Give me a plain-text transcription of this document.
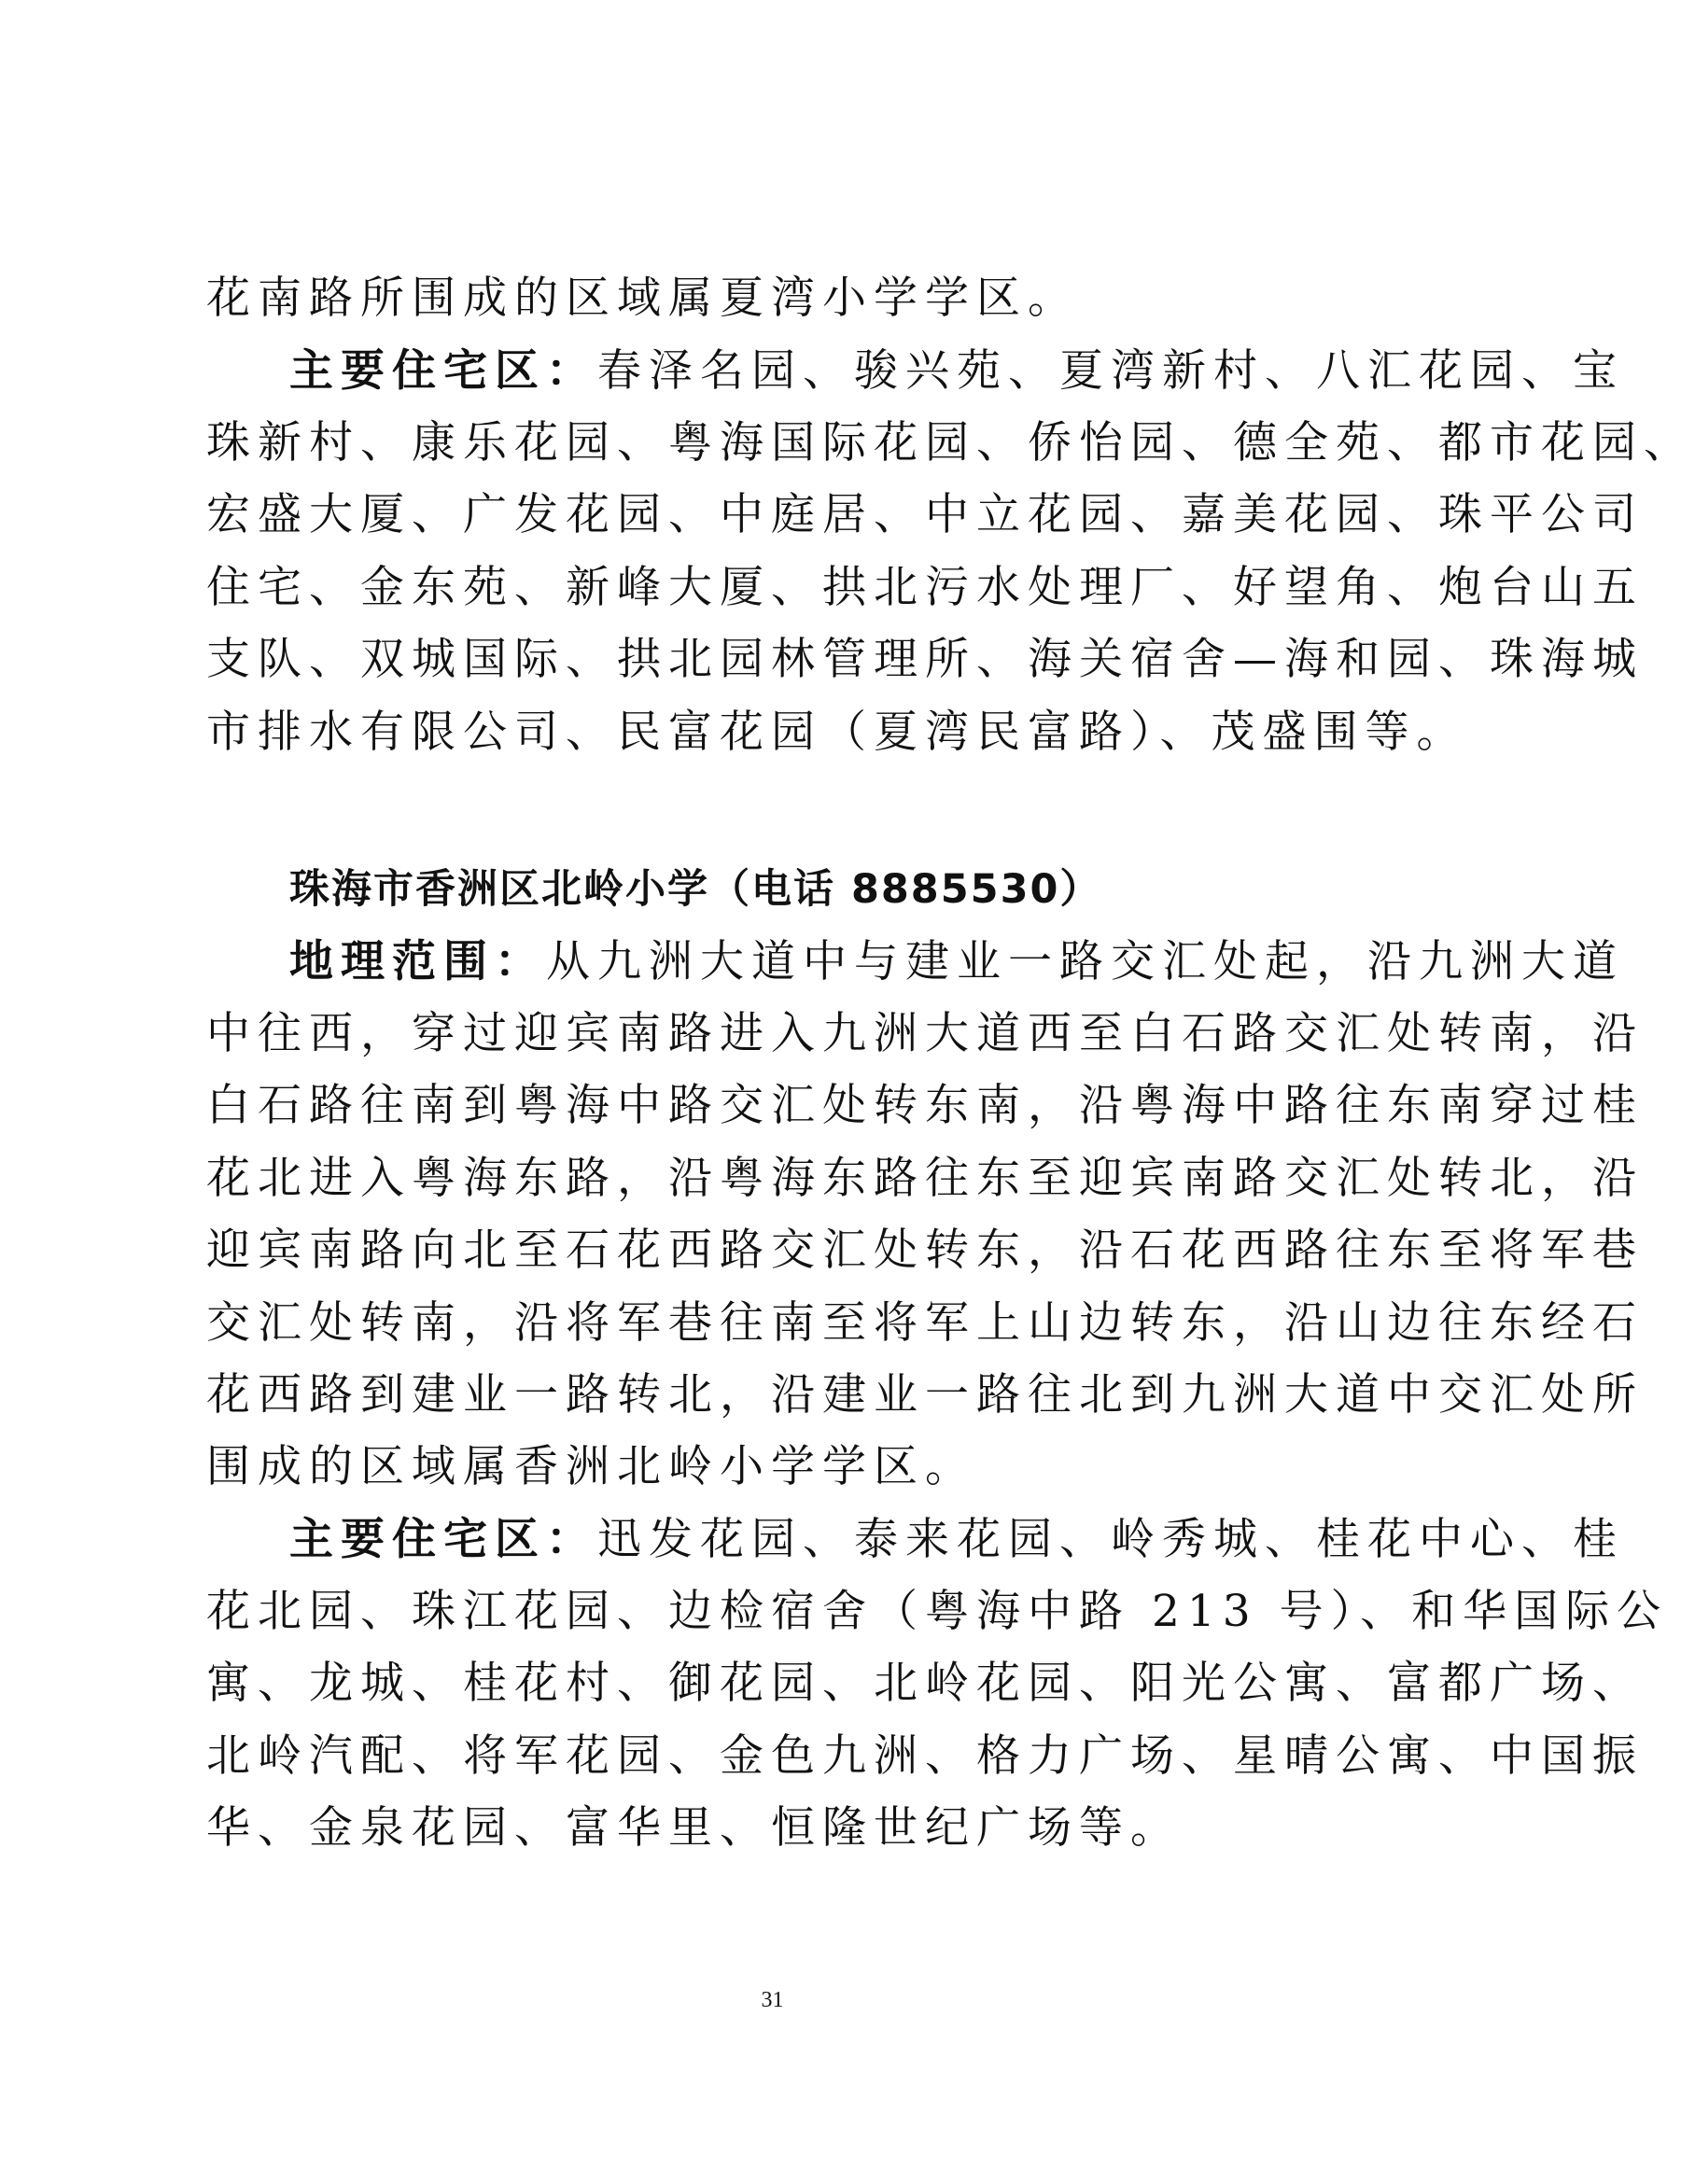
花南路所围成的区域属夏湾小学学区。
主要住宅区：春泽名园、骏兴苑、夏湾新村、八汇花园、宝
珠新村、康乐花园、粤海国际花园、侨怡园、德全苑、都市花园、
宏盛大厦、广发花园、中庭居、中立花园、嘉美花园、珠平公司
住宅、金东苑、新峰大厦、拱北污水处理厂、好望角、炮台山五
支队、双城国际、拱北园林管理所、海关宿舍—海和园、珠海城
市排水有限公司、民富花园（夏湾民富路）、茂盛围等。
珠海市香洲区北岭小学（电话 8885530）
地理范围：从九洲大道中与建业一路交汇处起，沿九洲大道
中往西，穿过迎宾南路进入九洲大道西至白石路交汇处转南，沿
白石路往南到粤海中路交汇处转东南，沿粤海中路往东南穿过桂
花北进入粤海东路，沿粤海东路往东至迎宾南路交汇处转北，沿
迎宾南路向北至石花西路交汇处转东，沿石花西路往东至将军巷
交汇处转南，沿将军巷往南至将军上山边转东，沿山边往东经石
花西路到建业一路转北，沿建业一路往北到九洲大道中交汇处所
围成的区域属香洲北岭小学学区。
主要住宅区：迅发花园、泰来花园、岭秀城、桂花中心、桂
花北园、珠江花园、边检宿舍（粤海中路 213 号）、和华国际公
寓、龙城、桂花村、御花园、北岭花园、阳光公寓、富都广场、
北岭汽配、将军花园、金色九洲、格力广场、星晴公寓、中国振
华、金泉花园、富华里、恒隆世纪广场等。
31
